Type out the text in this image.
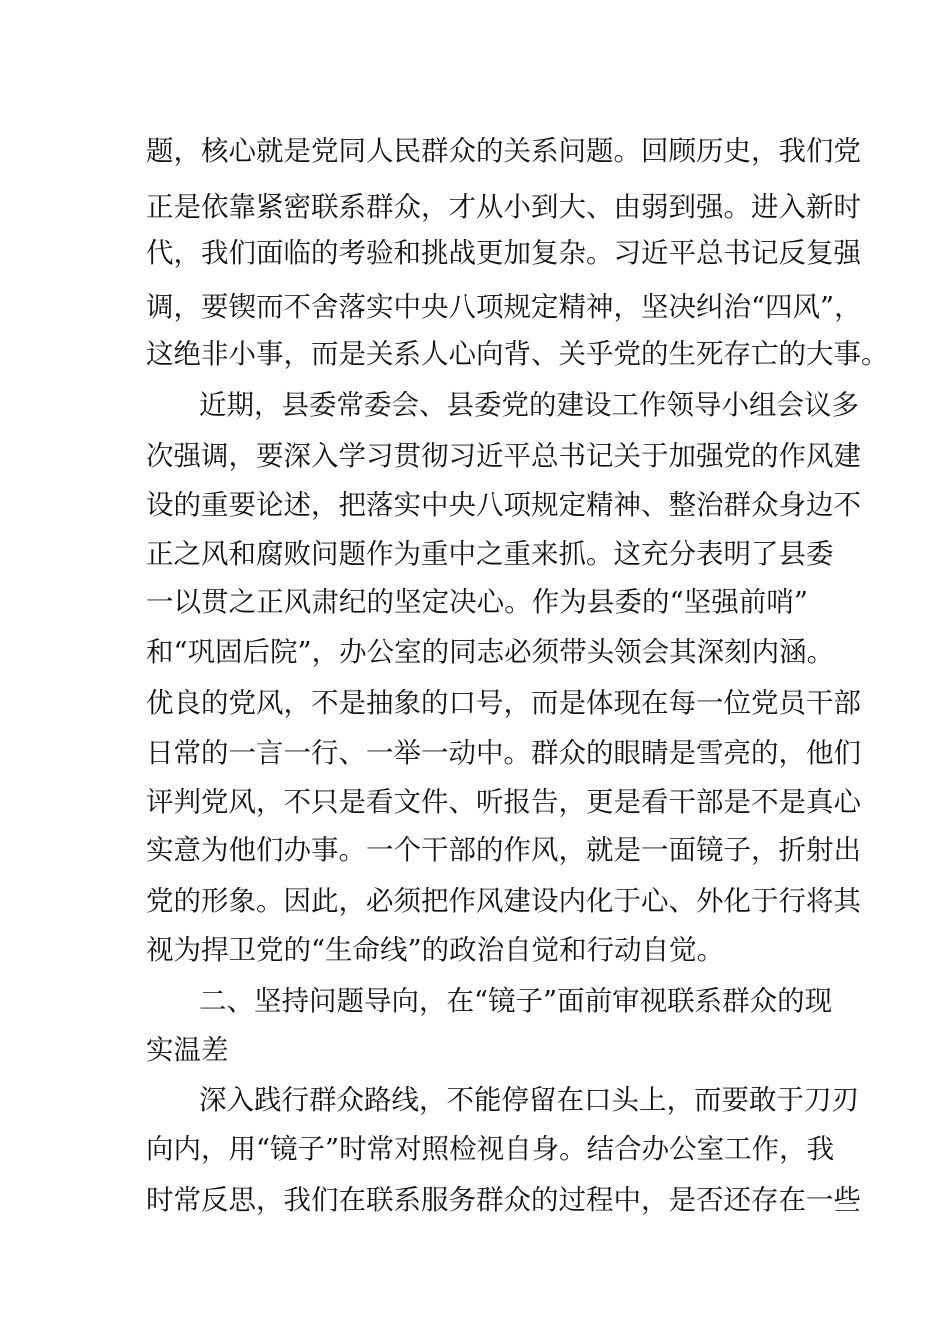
题，核心就是党同人民群众的关系问题。回顾历史，我们党
正是依靠紧密联系群众，才从小到大、由弱到强。进入新时
代，我们面临的考验和挑战更加复杂。习近平总书记反复强
调，要锲而不舍落实中央八项规定精神，坚决纠治“四风”，
这绝非小事，而是关系人心向背、关乎党的生死存亡的大事。
近期，县委常委会、县委党的建设工作领导小组会议多
次强调，要深入学习贯彻习近平总书记关于加强党的作风建
设的重要论述，把落实中央八项规定精神、整治群众身边不
正之风和腐败问题作为重中之重来抓。这充分表明了县委
一以贯之正风肃纪的坚定决心。作为县委的“坚强前哨”
和“巩固后院”，办公室的同志必须带头领会其深刻内涵。
优良的党风，不是抽象的口号，而是体现在每一位党员干部
日常的一言一行、一举一动中。群众的眼睛是雪亮的，他们
评判党风，不只是看文件、听报告，更是看干部是不是真心
实意为他们办事。一个干部的作风，就是一面镜子，折射出
党的形象。因此，必须把作风建设内化于心、外化于行将其
视为捍卫党的“生命线”的政治自觉和行动自觉。
二、坚持问题导向，在“镜子”面前审视联系群众的现
实温差
深入践行群众路线，不能停留在口头上，而要敢于刀刃
向内，用“镜子”时常对照检视自身。结合办公室工作，我
时常反思，我们在联系服务群众的过程中，是否还存在一些
